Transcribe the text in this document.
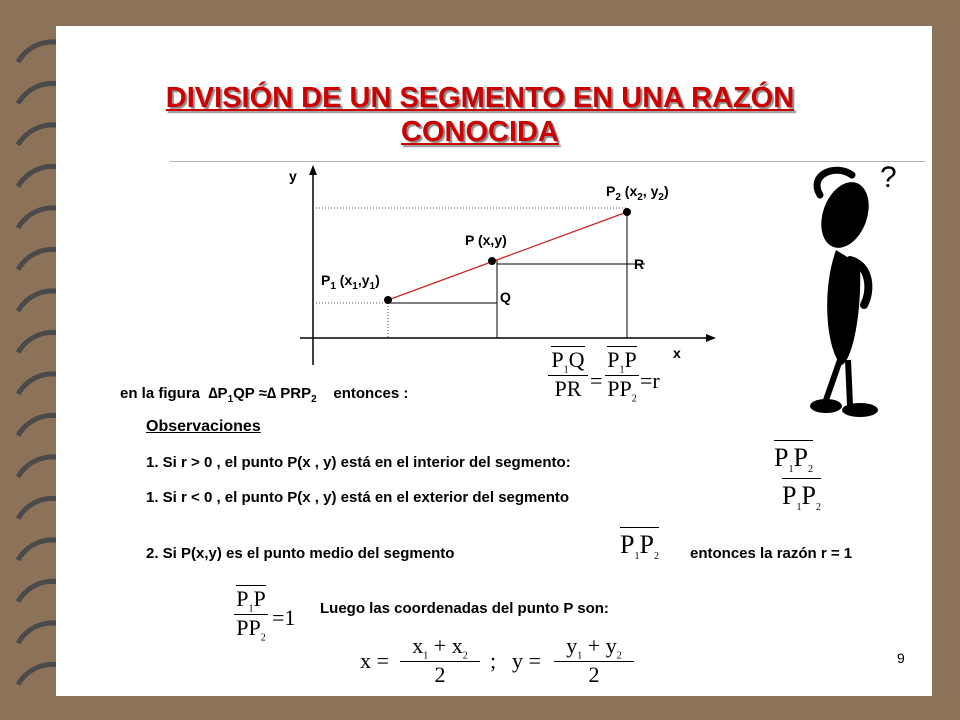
DIVISIÓN DE UN SEGMENTO EN UNA RAZÓN
CONOCIDA
y
x
$P_1$ $(x_1,y_1)$
P (x,y)
$P_2$ ($x_2$, $y_2$)
Q
R
?
en la figura $\Delta P_1QP$ ≈∆ $PRP_2$ entonces :	$\frac{P_1Q}{PR} = \frac{P_1P}{PP_2} =r$
Observaciones
1. Si r > 0 , el punto P(x , y) está en el interior del segmento:
1. Si r < 0 , el punto P(x , y) está en el exterior del segmento
2. Si P(x,y) es el punto medio del segmento	entonces la razón r = 1
Luego las coordenadas del punto P son:
$P_1P_2$
$P_1P_2$
$P_1P_2$
$\frac{P_1P}{PP_2} =1$
$x = \frac{x_1 + x_2}{2}$ ; $y = \frac{y_1 + y_2}{2}$	9
